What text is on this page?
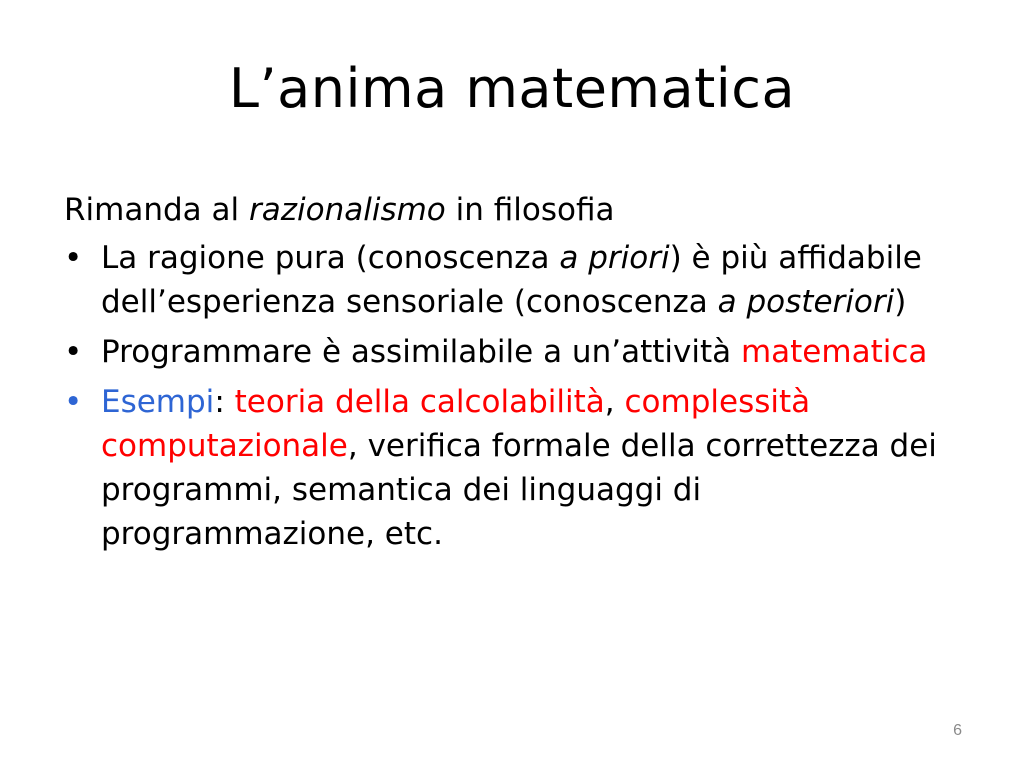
L’anima matematica

Rimanda al razionalismo in filosofia

• La ragione pura (conoscenza a priori) è più affidabile dell’esperienza sensoriale (conoscenza a posteriori)
• Programmare è assimilabile a un’attività matematica
• Esempi: teoria della calcolabilità, complessità computazionale, verifica formale della correttezza dei programmi, semantica dei linguaggi di programmazione, etc.
6
